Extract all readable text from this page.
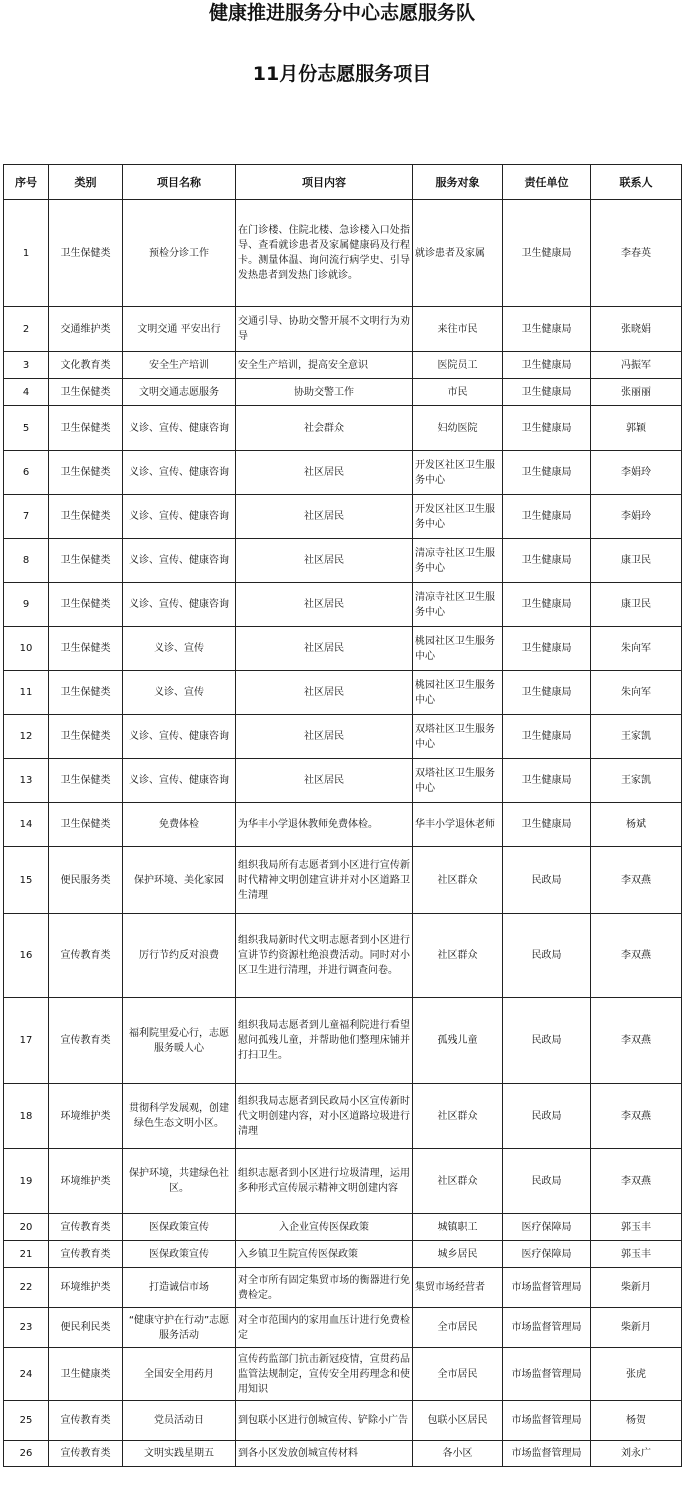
健康推进服务分中心志愿服务队
11月份志愿服务项目
序号	类别	项目名称	项目内容	服务对象	责任单位	联系人
1	卫生保健类	预检分诊工作	在门诊楼、住院北楼、急诊楼入口处指导、查看就诊患者及家属健康码及行程卡。测量体温、询问流行病学史、引导发热患者到发热门诊就诊。	就诊患者及家属	卫生健康局	李春英
2	交通维护类	文明交通 平安出行	交通引导、协助交警开展不文明行为劝导	来往市民	卫生健康局	张晓娟
3	文化教育类	安全生产培训	安全生产培训，提高安全意识	医院员工	卫生健康局	冯振军
4	卫生保健类	文明交通志愿服务	协助交警工作	市民	卫生健康局	张丽丽
5	卫生保健类	义诊、宣传、健康咨询	社会群众	妇幼医院	卫生健康局	郭颖
6	卫生保健类	义诊、宣传、健康咨询	社区居民	开发区社区卫生服务中心	卫生健康局	李娟玲
7	卫生保健类	义诊、宣传、健康咨询	社区居民	开发区社区卫生服务中心	卫生健康局	李娟玲
8	卫生保健类	义诊、宣传、健康咨询	社区居民	清凉寺社区卫生服务中心	卫生健康局	康卫民
9	卫生保健类	义诊、宣传、健康咨询	社区居民	清凉寺社区卫生服务中心	卫生健康局	康卫民
10	卫生保健类	义诊、宣传	社区居民	桃园社区卫生服务中心	卫生健康局	朱向军
11	卫生保健类	义诊、宣传	社区居民	桃园社区卫生服务中心	卫生健康局	朱向军
12	卫生保健类	义诊、宣传、健康咨询	社区居民	双塔社区卫生服务中心	卫生健康局	王家凯
13	卫生保健类	义诊、宣传、健康咨询	社区居民	双塔社区卫生服务中心	卫生健康局	王家凯
14	卫生保健类	免费体检	为华丰小学退休教师免费体检。	华丰小学退休老师	卫生健康局	杨斌
15	便民服务类	保护环境、美化家园	组织我局所有志愿者到小区进行宣传新时代精神文明创建宣讲并对小区道路卫生清理	社区群众	民政局	李双燕
16	宣传教育类	厉行节约反对浪费	组织我局新时代文明志愿者到小区进行宣讲节约资源杜绝浪费活动。同时对小区卫生进行清理，并进行调查问卷。	社区群众	民政局	李双燕
17	宣传教育类	福利院里爱心行，志愿服务暖人心	组织我局志愿者到儿童福利院进行看望慰问孤残儿童，并帮助他们整理床铺并打扫卫生。	孤残儿童	民政局	李双燕
18	环境维护类	贯彻科学发展观，创建绿色生态文明小区。	组织我局志愿者到民政局小区宣传新时代文明创建内容，对小区道路垃圾进行清理	社区群众	民政局	李双燕
19	环境维护类	保护环境，共建绿色社区。	组织志愿者到小区进行垃圾清理，运用多种形式宣传展示精神文明创建内容	社区群众	民政局	李双燕
20	宣传教育类	医保政策宣传	入企业宣传医保政策	城镇职工	医疗保障局	郭玉丰
21	宣传教育类	医保政策宣传	入乡镇卫生院宣传医保政策	城乡居民	医疗保障局	郭玉丰
22	环境维护类	打造诚信市场	对全市所有固定集贸市场的衡器进行免费检定。	集贸市场经营者	市场监督管理局	柴新月
23	便民利民类	“健康守护在行动”志愿服务活动	对全市范围内的家用血压计进行免费检定	全市居民	市场监督管理局	柴新月
24	卫生健康类	全国安全用药月	宣传药监部门抗击新冠疫情，宣贯药品监管法规制定，宣传安全用药理念和使用知识	全市居民	市场监督管理局	张虎
25	宣传教育类	党员活动日	到包联小区进行创城宣传、铲除小广告	包联小区居民	市场监督管理局	杨贺
26	宣传教育类	文明实践星期五	到各小区发放创城宣传材料	各小区	市场监督管理局	刘永广
